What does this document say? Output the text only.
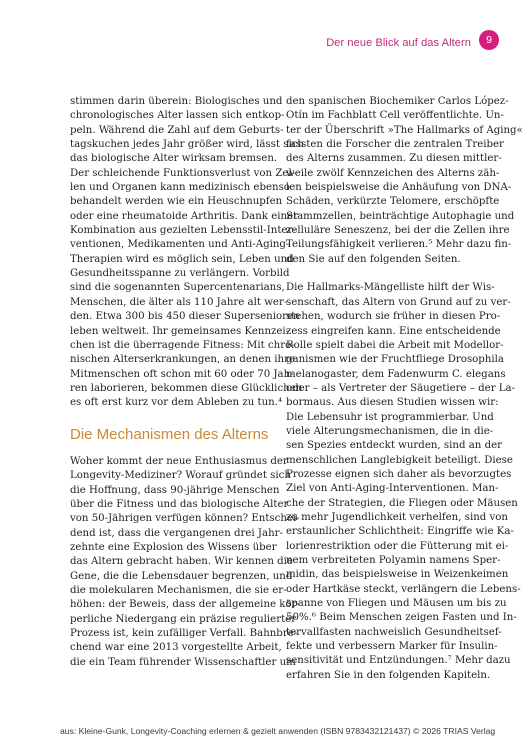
Der neue Blick auf das Altern	9

stimmen darin überein: Biologisches und
chronologisches Alter lassen sich entkop-
peln. Während die Zahl auf dem Geburts-
tagskuchen jedes Jahr größer wird, lässt sich
das biologische Alter wirksam bremsen.
Der schleichende Funktionsverlust von Zel-
len und Organen kann medizinisch ebenso
behandelt werden wie ein Heuschnupfen
oder eine rheumatoide Arthritis. Dank einer
Kombination aus gezielten Lebensstil-Inter-
ventionen, Medikamenten und Anti-Aging-
Therapien wird es möglich sein, Leben und
Gesundheitsspanne zu verlängern. Vorbild
sind die sogenannten Supercentenarians,
Menschen, die älter als 110 Jahre alt wer-
den. Etwa 300 bis 450 dieser Supersenioren
leben weltweit. Ihr gemeinsames Kennzei-
chen ist die überragende Fitness: Mit chro-
nischen Alterserkrankungen, an denen ihre
Mitmenschen oft schon mit 60 oder 70 Jah-
ren laborieren, bekommen diese Glücklichen
es oft erst kurz vor dem Ableben zu tun.⁴

Die Mechanismen des Alterns

Woher kommt der neue Enthusiasmus der
Longevity-Mediziner? Worauf gründet sich
die Hoffnung, dass 90-jährige Menschen
über die Fitness und das biologische Alter
von 50-Jährigen verfügen können? Entschei-
dend ist, dass die vergangenen drei Jahr-
zehnte eine Explosion des Wissens über
das Altern gebracht haben. Wir kennen die
Gene, die die Lebensdauer begrenzen, und
die molekularen Mechanismen, die sie er-
höhen: der Beweis, dass der allgemeine kör-
perliche Niedergang ein präzise regulierter
Prozess ist, kein zufälliger Verfall. Bahnbre-
chend war eine 2013 vorgestellte Arbeit,
die ein Team führender Wissenschaftler um

den spanischen Biochemiker Carlos López-
Otín im Fachblatt Cell veröffentlichte. Un-
ter der Überschrift »The Hallmarks of Aging«
fassten die Forscher die zentralen Treiber
des Alterns zusammen. Zu diesen mittler-
weile zwölf Kennzeichen des Alterns zäh-
len beispielsweise die Anhäufung von DNA-
Schäden, verkürzte Telomere, erschöpfte
Stammzellen, beinträchtige Autophagie und
zelluläre Seneszenz, bei der die Zellen ihre
Teilungsfähigkeit verlieren.⁵ Mehr dazu fin-
den Sie auf den folgenden Seiten.

Die Hallmarks-Mängelliste hilft der Wis-
senschaft, das Altern von Grund auf zu ver-
stehen, wodurch sie früher in diesen Pro-
zess eingreifen kann. Eine entscheidende
Rolle spielt dabei die Arbeit mit Modellor-
ganismen wie der Fruchtfliege Drosophila
melanogaster, dem Fadenwurm C. elegans
oder – als Vertreter der Säugetiere – der La-
bormaus. Aus diesen Studien wissen wir:
Die Lebensuhr ist programmierbar. Und
viele Alterungsmechanismen, die in die-
sen Spezies entdeckt wurden, sind an der
menschlichen Langlebigkeit beteiligt. Diese
Prozesse eignen sich daher als bevorzugtes
Ziel von Anti-Aging-Interventionen. Man-
che der Strategien, die Fliegen oder Mäusen
zu mehr Jugendlichkeit verhelfen, sind von
erstaunlicher Schlichtheit: Eingriffe wie Ka-
lorienrestriktion oder die Fütterung mit ei-
nem verbreiteten Polyamin namens Sper-
midin, das beispielsweise in Weizenkeimen
oder Hartkäse steckt, verlängern die Lebens-
spanne von Fliegen und Mäusen um bis zu
50%.⁶ Beim Menschen zeigen Fasten und In-
tervallfasten nachweislich Gesundheitsef-
fekte und verbessern Marker für Insulin-
sensitivität und Entzündungen.⁷ Mehr dazu
erfahren Sie in den folgenden Kapiteln.

aus: Kleine-Gunk, Longevity-Coaching erlernen & gezielt anwenden (ISBN 9783432121437) © 2026 TRIAS Verlag
